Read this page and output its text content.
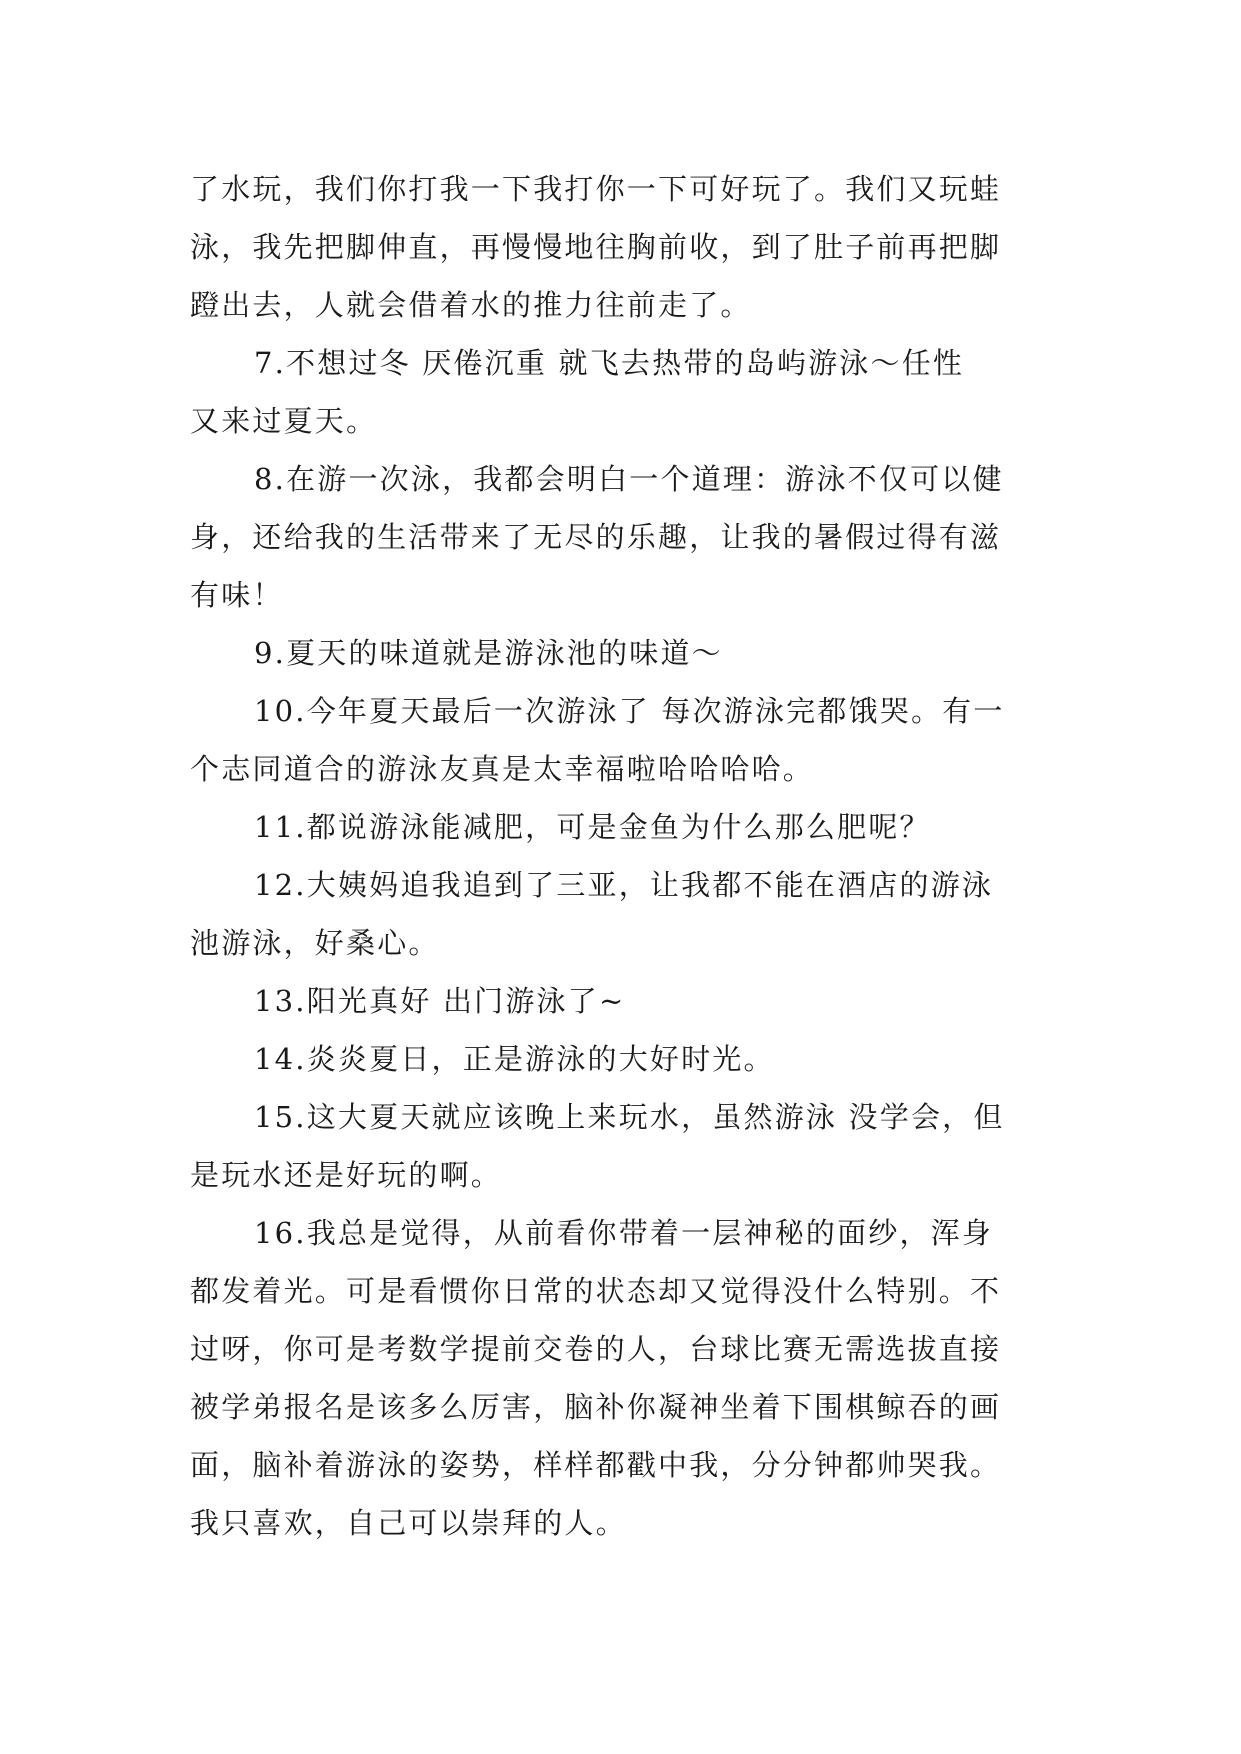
了水玩，我们你打我一下我打你一下可好玩了。我们又玩蛙
泳，我先把脚伸直，再慢慢地往胸前收，到了肚子前再把脚
蹬出去，人就会借着水的推力往前走了。

7.不想过冬 厌倦沉重 就飞去热带的岛屿游泳～任性
又来过夏天。

8.在游一次泳，我都会明白一个道理：游泳不仅可以健
身，还给我的生活带来了无尽的乐趣，让我的暑假过得有滋
有味！

9.夏天的味道就是游泳池的味道～

10.今年夏天最后一次游泳了 每次游泳完都饿哭。有一
个志同道合的游泳友真是太幸福啦哈哈哈哈。

11.都说游泳能减肥，可是金鱼为什么那么肥呢？

12.大姨妈追我追到了三亚，让我都不能在酒店的游泳
池游泳，好桑心。

13.阳光真好 出门游泳了~

14.炎炎夏日，正是游泳的大好时光。

15.这大夏天就应该晚上来玩水，虽然游泳 没学会，但
是玩水还是好玩的啊。

16.我总是觉得，从前看你带着一层神秘的面纱，浑身
都发着光。可是看惯你日常的状态却又觉得没什么特别。不
过呀，你可是考数学提前交卷的人，台球比赛无需选拔直接
被学弟报名是该多么厉害，脑补你凝神坐着下围棋鲸吞的画
面，脑补着游泳的姿势，样样都戳中我，分分钟都帅哭我。
我只喜欢，自己可以崇拜的人。
